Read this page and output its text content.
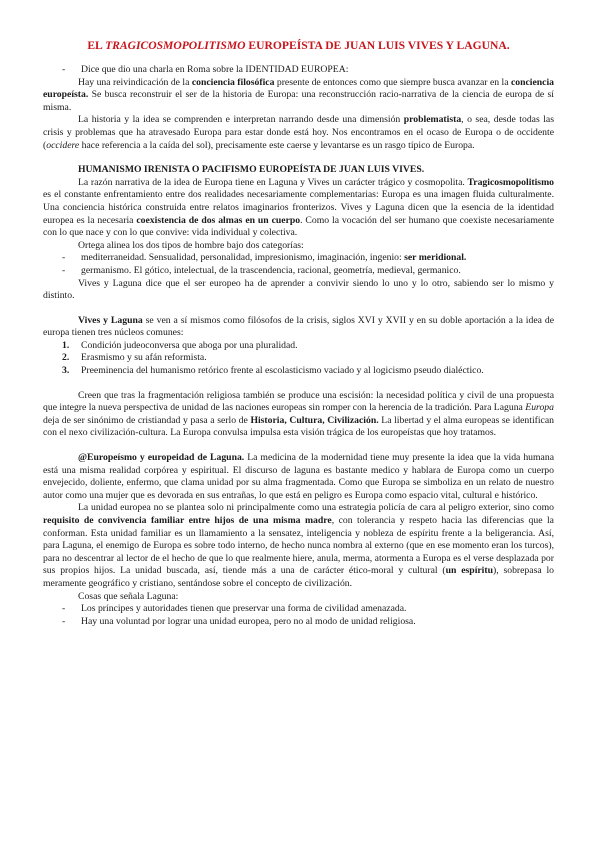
EL TRAGICOSMOPOLITISMO EUROPEÍSTA DE JUAN LUIS VIVES Y LAGUNA.
-	Dice que dio una charla en Roma sobre la IDENTIDAD EUROPEA:

Hay una reivindicación de la conciencia filosófica presente de entonces como que siempre busca avanzar en la conciencia europeísta. Se busca reconstruir el ser de la historia de Europa: una reconstrucción racio-narrativa de la ciencia de europa de sí misma.

La historia y la idea se comprenden e interpretan narrando desde una dimensión problematista, o sea, desde todas las crisis y problemas que ha atravesado Europa para estar donde está hoy. Nos encontramos en el ocaso de Europa o de occidente (occidere hace referencia a la caída del sol), precisamente este caerse y levantarse es un rasgo típico de Europa.

HUMANISMO IRENISTA O PACIFISMO EUROPEÍSTA DE JUAN LUIS VIVES.

La razón narrativa de la idea de Europa tiene en Laguna y Vives un carácter trágico y cosmopolita. Tragicosmopolitismo es el constante enfrentamiento entre dos realidades necesariamente complementarias: Europa es una imagen fluida culturalmente. Una conciencia histórica construida entre relatos imaginarios fronterizos. Vives y Laguna dicen que la esencia de la identidad europea es la necesaria coexistencia de dos almas en un cuerpo. Como la vocación del ser humano que coexiste necesariamente con lo que nace y con lo que convive: vida individual y colectiva.

Ortega alinea los dos tipos de hombre bajo dos categorías:

-	mediterraneidad. Sensualidad, personalidad, impresionismo, imaginación, ingenio: ser meridional.
-	germanismo. El gótico, intelectual, de la trascendencia, racional, geometría, medieval, germanico.

Vives y Laguna dice que el ser europeo ha de aprender a convivir siendo lo uno y lo otro, sabiendo ser lo mismo y distinto.

Vives y Laguna se ven a sí mismos como filósofos de la crisis, siglos XVI y XVII y en su doble aportación a la idea de europa tienen tres núcleos comunes:

1.	Condición judeoconversa que aboga por una pluralidad.
2.	Erasmismo y su afán reformista.
3.	Preeminencia del humanismo retórico frente al escolasticismo vaciado y al logicismo pseudo dialéctico.

Creen que tras la fragmentación religiosa también se produce una escisión: la necesidad política y civil de una propuesta que integre la nueva perspectiva de unidad de las naciones europeas sin romper con la herencia de la tradición. Para Laguna Europa deja de ser sinónimo de cristiandad y pasa a serlo de Historia, Cultura, Civilización. La libertad y el alma europeas se identifican con el nexo civilización-cultura. La Europa convulsa impulsa esta visión trágica de los europeístas que hoy tratamos.

@Europeísmo y europeidad de Laguna. La medicina de la modernidad tiene muy presente la idea que la vida humana está una misma realidad corpórea y espiritual. El discurso de laguna es bastante medico y hablara de Europa como un cuerpo envejecido, doliente, enfermo, que clama unidad por su alma fragmentada. Como que Europa se simboliza en un relato de nuestro autor como una mujer que es devorada en sus entrañas, lo que está en peligro es Europa como espacio vital, cultural e histórico.

La unidad europea no se plantea solo ni principalmente como una estrategia policía de cara al peligro exterior, sino como requisito de convivencia familiar entre hijos de una misma madre, con tolerancia y respeto hacia las diferencias que la conforman. Esta unidad familiar es un llamamiento a la sensatez, inteligencia y nobleza de espíritu frente a la beligerancia. Así, para Laguna, el enemigo de Europa es sobre todo interno, de hecho nunca nombra al externo (que en ese momento eran los turcos), para no descentrar al lector de el hecho de que lo que realmente hiere, anula, merma, atormenta a Europa es el verse desplazada por sus propios hijos. La unidad buscada, así, tiende más a una de carácter ético-moral y cultural (un espíritu), sobrepasa lo meramente geográfico y cristiano, sentándose sobre el concepto de civilización.

Cosas que señala Laguna:

-	Los príncipes y autoridades tienen que preservar una forma de civilidad amenazada.
-	Hay una voluntad por lograr una unidad europea, pero no al modo de unidad religiosa.
